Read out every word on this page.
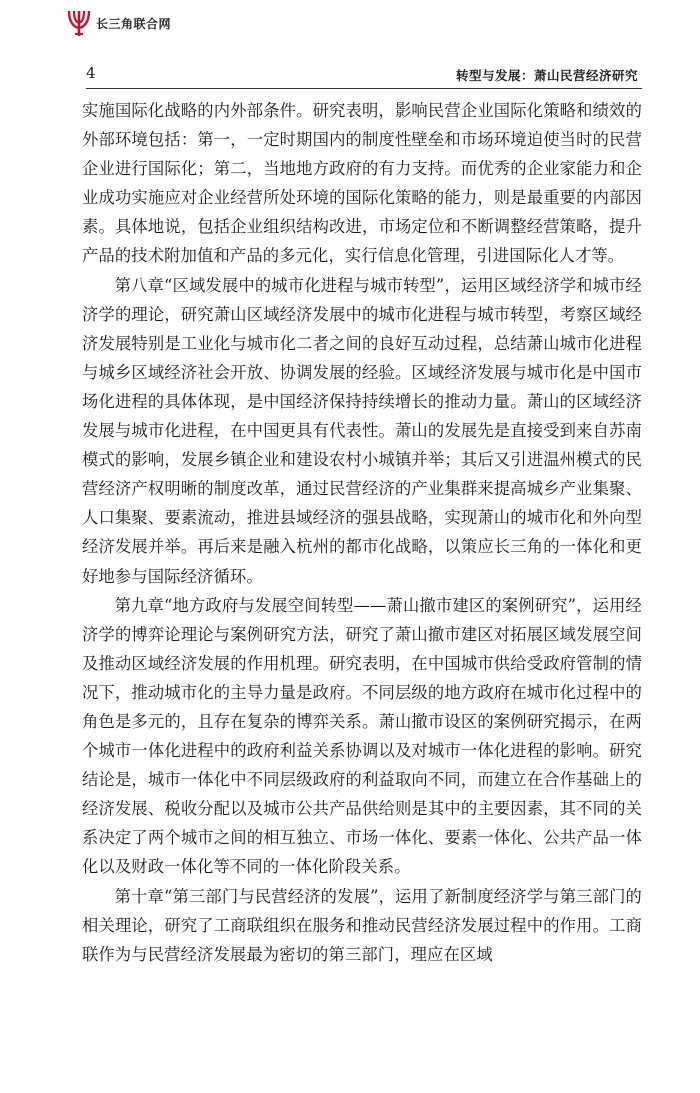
长三角联合网
4	转型与发展：萧山民营经济研究

实施国际化战略的内外部条件。研究表明，影响民营企业国际化策略和绩效的外部环境包括：第一，一定时期国内的制度性壁垒和市场环境迫使当时的民营企业进行国际化；第二，当地地方政府的有力支持。而优秀的企业家能力和企业成功实施应对企业经营所处环境的国际化策略的能力，则是最重要的内部因素。具体地说，包括企业组织结构改进，市场定位和不断调整经营策略，提升产品的技术附加值和产品的多元化，实行信息化管理，引进国际化人才等。

第八章“区域发展中的城市化进程与城市转型”，运用区域经济学和城市经济学的理论，研究萧山区域经济发展中的城市化进程与城市转型，考察区域经济发展特别是工业化与城市化二者之间的良好互动过程，总结萧山城市化进程与城乡区域经济社会开放、协调发展的经验。区域经济发展与城市化是中国市场化进程的具体体现，是中国经济保持持续增长的推动力量。萧山的区域经济发展与城市化进程，在中国更具有代表性。萧山的发展先是直接受到来自苏南模式的影响，发展乡镇企业和建设农村小城镇并举；其后又引进温州模式的民营经济产权明晰的制度改革，通过民营经济的产业集群来提高城乡产业集聚、人口集聚、要素流动，推进县域经济的强县战略，实现萧山的城市化和外向型经济发展并举。再后来是融入杭州的都市化战略，以策应长三角的一体化和更好地参与国际经济循环。

第九章“地方政府与发展空间转型——萧山撤市建区的案例研究”，运用经济学的博弈论理论与案例研究方法，研究了萧山撤市建区对拓展区域发展空间及推动区域经济发展的作用机理。研究表明，在中国城市供给受政府管制的情况下，推动城市化的主导力量是政府。不同层级的地方政府在城市化过程中的角色是多元的，且存在复杂的博弈关系。萧山撤市设区的案例研究揭示，在两个城市一体化进程中的政府利益关系协调以及对城市一体化进程的影响。研究结论是，城市一体化中不同层级政府的利益取向不同，而建立在合作基础上的经济发展、税收分配以及城市公共产品供给则是其中的主要因素，其不同的关系决定了两个城市之间的相互独立、市场一体化、要素一体化、公共产品一体化以及财政一体化等不同的一体化阶段关系。

第十章“第三部门与民营经济的发展”，运用了新制度经济学与第三部门的相关理论，研究了工商联组织在服务和推动民营经济发展过程中的作用。工商联作为与民营经济发展最为密切的第三部门，理应在区域
